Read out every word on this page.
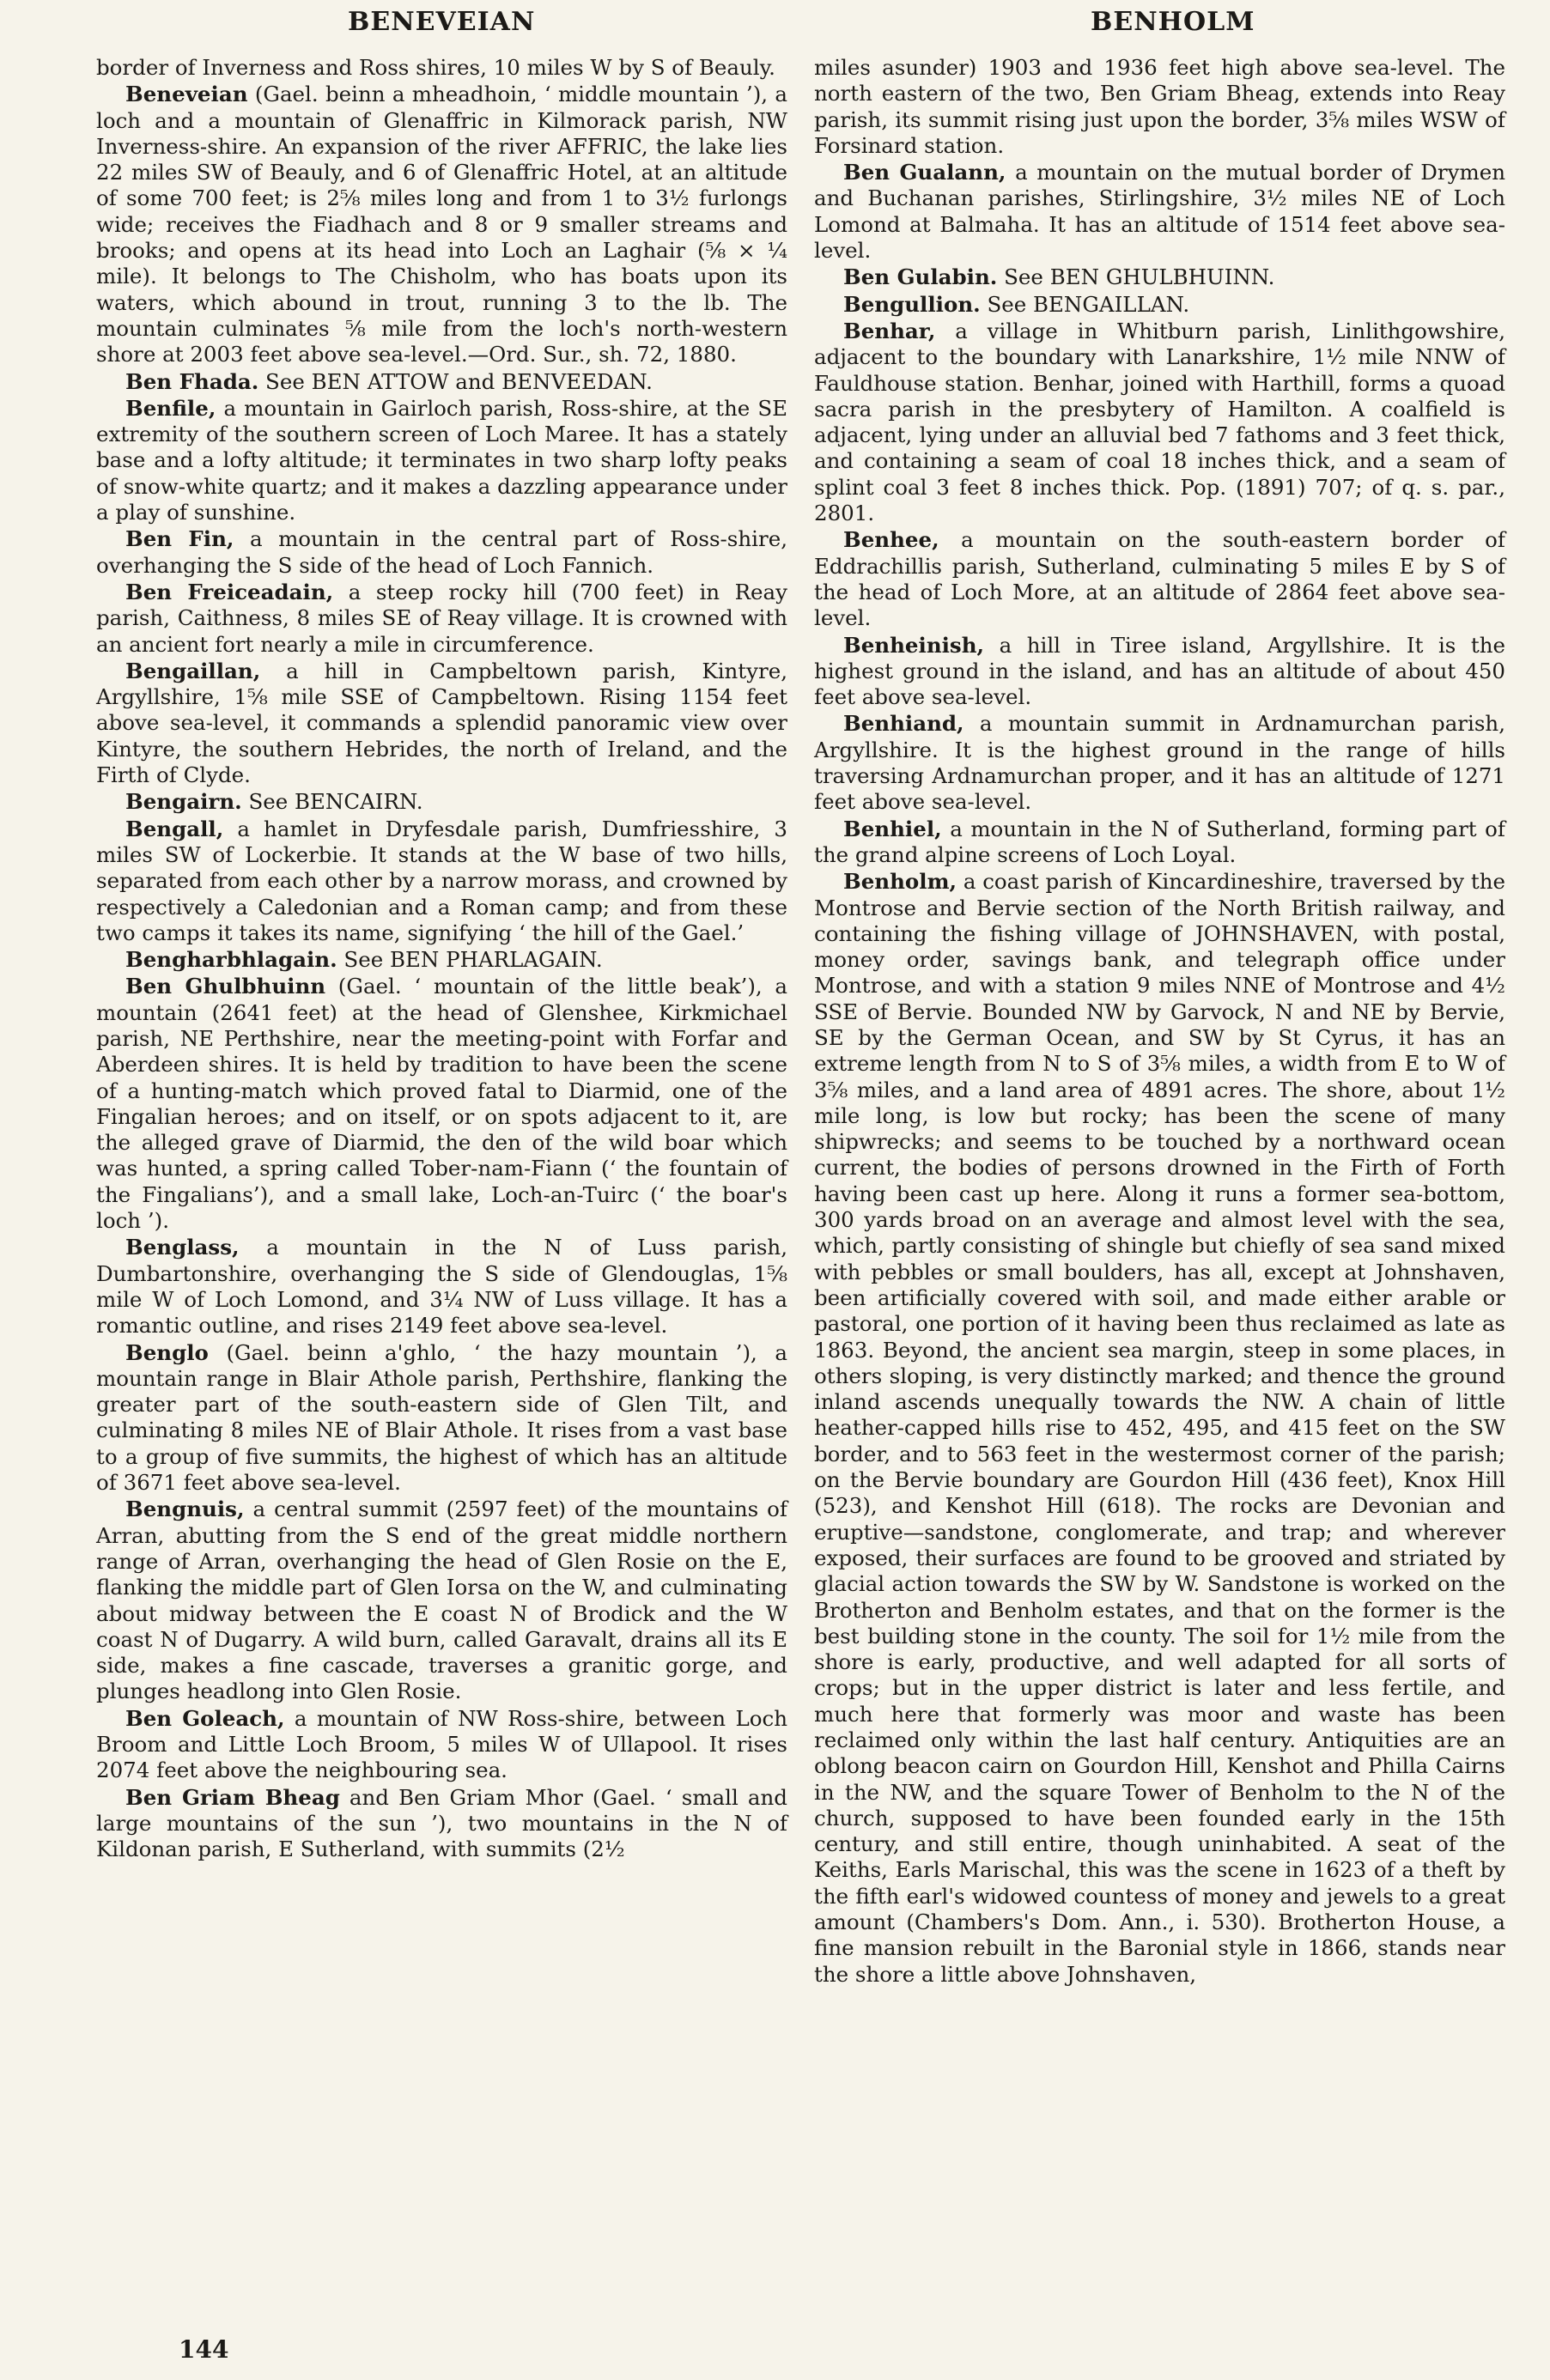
BENEVEIAN	BENHOLM

border of Inverness and Ross shires, 10 miles W by S of Beauly.

Beneveian (Gael. beinn a mheadhoin, ‘ middle mountain ’), a loch and a mountain of Glenaffric in Kilmorack parish, NW Inverness-shire. An expansion of the river AFFRIC, the lake lies 22 miles SW of Beauly, and 6 of Glenaffric Hotel, at an altitude of some 700 feet; is 2⅝ miles long and from 1 to 3½ furlongs wide; receives the Fiadhach and 8 or 9 smaller streams and brooks; and opens at its head into Loch an Laghair (⅝ × ¼ mile). It belongs to The Chisholm, who has boats upon its waters, which abound in trout, running 3 to the lb. The mountain culminates ⅝ mile from the loch's north-western shore at 2003 feet above sea-level.—Ord. Sur., sh. 72, 1880.

Ben Fhada. See BEN ATTOW and BENVEEDAN.

Benfile, a mountain in Gairloch parish, Ross-shire, at the SE extremity of the southern screen of Loch Maree. It has a stately base and a lofty altitude; it terminates in two sharp lofty peaks of snow-white quartz; and it makes a dazzling appearance under a play of sunshine.

Ben Fin, a mountain in the central part of Ross-shire, overhanging the S side of the head of Loch Fannich.

Ben Freiceadain, a steep rocky hill (700 feet) in Reay parish, Caithness, 8 miles SE of Reay village. It is crowned with an ancient fort nearly a mile in circumference.

Bengaillan, a hill in Campbeltown parish, Kintyre, Argyllshire, 1⅝ mile SSE of Campbeltown. Rising 1154 feet above sea-level, it commands a splendid panoramic view over Kintyre, the southern Hebrides, the north of Ireland, and the Firth of Clyde.

Bengairn. See BENCAIRN.

Bengall, a hamlet in Dryfesdale parish, Dumfriesshire, 3 miles SW of Lockerbie. It stands at the W base of two hills, separated from each other by a narrow morass, and crowned by respectively a Caledonian and a Roman camp; and from these two camps it takes its name, signifying ‘ the hill of the Gael.’

Bengharbhlagain. See BEN PHARLAGAIN.

Ben Ghulbhuinn (Gael. ‘ mountain of the little beak’), a mountain (2641 feet) at the head of Glenshee, Kirkmichael parish, NE Perthshire, near the meeting-point with Forfar and Aberdeen shires. It is held by tradition to have been the scene of a hunting-match which proved fatal to Diarmid, one of the Fingalian heroes; and on itself, or on spots adjacent to it, are the alleged grave of Diarmid, the den of the wild boar which was hunted, a spring called Tober-nam-Fiann (‘ the fountain of the Fingalians’), and a small lake, Loch-an-Tuirc (‘ the boar's loch ’).

Benglass, a mountain in the N of Luss parish, Dumbartonshire, overhanging the S side of Glendouglas, 1⅝ mile W of Loch Lomond, and 3¼ NW of Luss village. It has a romantic outline, and rises 2149 feet above sea-level.

Benglo (Gael. beinn a'ghlo, ‘ the hazy mountain ’), a mountain range in Blair Athole parish, Perthshire, flanking the greater part of the south-eastern side of Glen Tilt, and culminating 8 miles NE of Blair Athole. It rises from a vast base to a group of five summits, the highest of which has an altitude of 3671 feet above sea-level.

Bengnuis, a central summit (2597 feet) of the mountains of Arran, abutting from the S end of the great middle northern range of Arran, overhanging the head of Glen Rosie on the E, flanking the middle part of Glen Iorsa on the W, and culminating about midway between the E coast N of Brodick and the W coast N of Dugarry. A wild burn, called Garavalt, drains all its E side, makes a fine cascade, traverses a granitic gorge, and plunges headlong into Glen Rosie.

Ben Goleach, a mountain of NW Ross-shire, between Loch Broom and Little Loch Broom, 5 miles W of Ullapool. It rises 2074 feet above the neighbouring sea.

Ben Griam Bheag and Ben Griam Mhor (Gael. ‘ small and large mountains of the sun ’), two mountains in the N of Kildonan parish, E Sutherland, with summits (2½

miles asunder) 1903 and 1936 feet high above sea-level. The north eastern of the two, Ben Griam Bheag, extends into Reay parish, its summit rising just upon the border, 3⅝ miles WSW of Forsinard station.

Ben Gualann, a mountain on the mutual border of Drymen and Buchanan parishes, Stirlingshire, 3½ miles NE of Loch Lomond at Balmaha. It has an altitude of 1514 feet above sea-level.

Ben Gulabin. See BEN GHULBHUINN.

Bengullion. See BENGAILLAN.

Benhar, a village in Whitburn parish, Linlithgowshire, adjacent to the boundary with Lanarkshire, 1½ mile NNW of Fauldhouse station. Benhar, joined with Harthill, forms a quoad sacra parish in the presbytery of Hamilton. A coalfield is adjacent, lying under an alluvial bed 7 fathoms and 3 feet thick, and containing a seam of coal 18 inches thick, and a seam of splint coal 3 feet 8 inches thick. Pop. (1891) 707; of q. s. par., 2801.

Benhee, a mountain on the south-eastern border of Eddrachillis parish, Sutherland, culminating 5 miles E by S of the head of Loch More, at an altitude of 2864 feet above sea-level.

Benheinish, a hill in Tiree island, Argyllshire. It is the highest ground in the island, and has an altitude of about 450 feet above sea-level.

Benhiand, a mountain summit in Ardnamurchan parish, Argyllshire. It is the highest ground in the range of hills traversing Ardnamurchan proper, and it has an altitude of 1271 feet above sea-level.

Benhiel, a mountain in the N of Sutherland, forming part of the grand alpine screens of Loch Loyal.

Benholm, a coast parish of Kincardineshire, traversed by the Montrose and Bervie section of the North British railway, and containing the fishing village of JOHNSHAVEN, with postal, money order, savings bank, and telegraph office under Montrose, and with a station 9 miles NNE of Montrose and 4½ SSE of Bervie. Bounded NW by Garvock, N and NE by Bervie, SE by the German Ocean, and SW by St Cyrus, it has an extreme length from N to S of 3⅝ miles, a width from E to W of 3⅝ miles, and a land area of 4891 acres. The shore, about 1½ mile long, is low but rocky; has been the scene of many shipwrecks; and seems to be touched by a northward ocean current, the bodies of persons drowned in the Firth of Forth having been cast up here. Along it runs a former sea-bottom, 300 yards broad on an average and almost level with the sea, which, partly consisting of shingle but chiefly of sea sand mixed with pebbles or small boulders, has all, except at Johnshaven, been artificially covered with soil, and made either arable or pastoral, one portion of it having been thus reclaimed as late as 1863. Beyond, the ancient sea margin, steep in some places, in others sloping, is very distinctly marked; and thence the ground inland ascends unequally towards the NW. A chain of little heather-capped hills rise to 452, 495, and 415 feet on the SW border, and to 563 feet in the westermost corner of the parish; on the Bervie boundary are Gourdon Hill (436 feet), Knox Hill (523), and Kenshot Hill (618). The rocks are Devonian and eruptive—sandstone, conglomerate, and trap; and wherever exposed, their surfaces are found to be grooved and striated by glacial action towards the SW by W. Sandstone is worked on the Brotherton and Benholm estates, and that on the former is the best building stone in the county. The soil for 1½ mile from the shore is early, productive, and well adapted for all sorts of crops; but in the upper district is later and less fertile, and much here that formerly was moor and waste has been reclaimed only within the last half century. Antiquities are an oblong beacon cairn on Gourdon Hill, Kenshot and Philla Cairns in the NW, and the square Tower of Benholm to the N of the church, supposed to have been founded early in the 15th century, and still entire, though uninhabited. A seat of the Keiths, Earls Marischal, this was the scene in 1623 of a theft by the fifth earl's widowed countess of money and jewels to a great amount (Chambers's Dom. Ann., i. 530). Brotherton House, a fine mansion rebuilt in the Baronial style in 1866, stands near the shore a little above Johnshaven,

144
